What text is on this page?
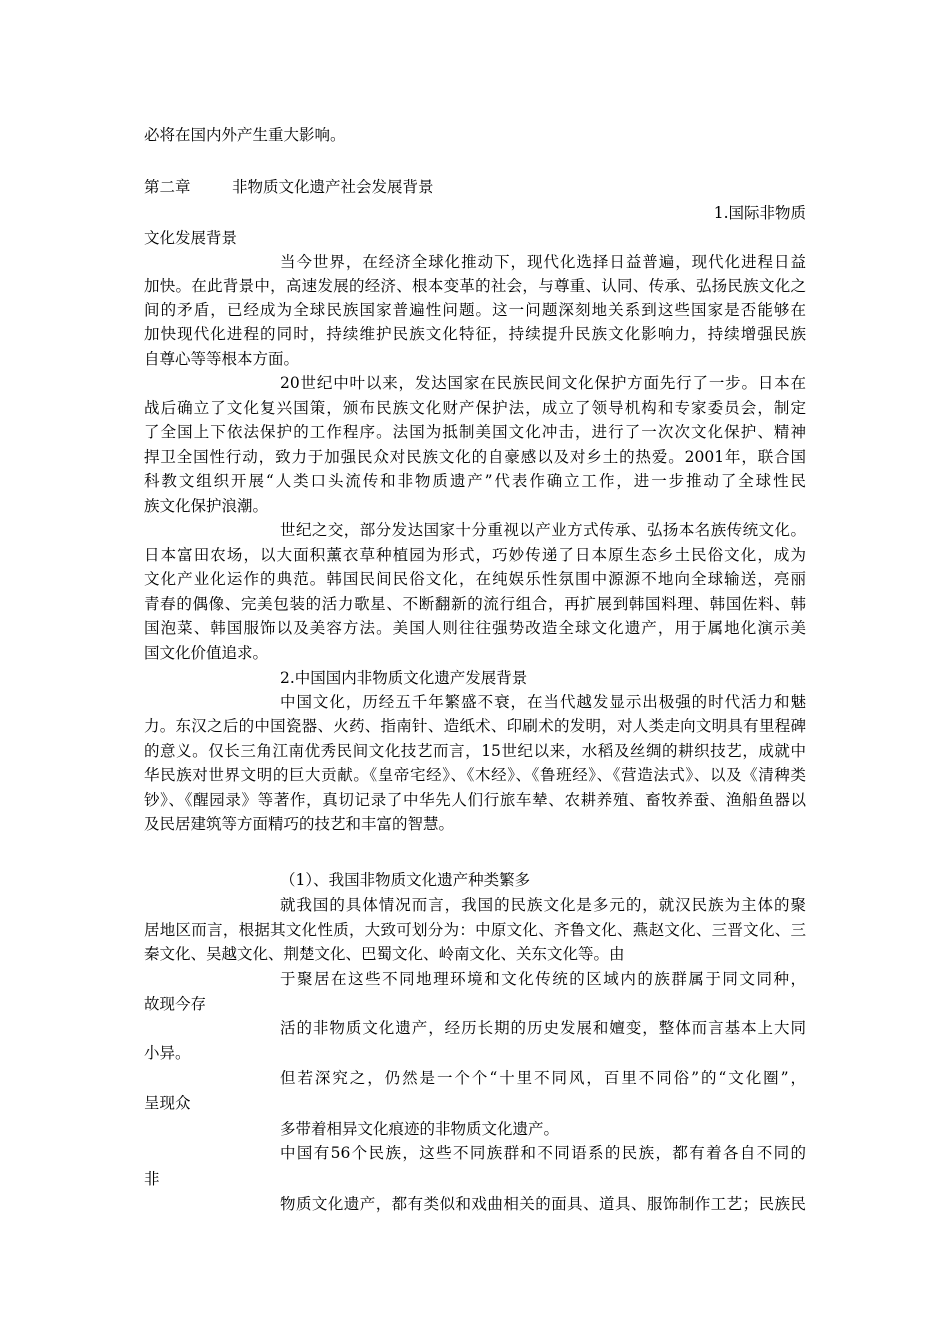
必将在国内外产生重大影响。
第二章	非物质文化遗产社会发展背景
1.国际非物质
文化发展背景
当今世界，在经济全球化推动下，现代化选择日益普遍，现代化进程日益
加快。在此背景中，高速发展的经济、根本变革的社会，与尊重、认同、传承、弘扬民族文化之
间的矛盾，已经成为全球民族国家普遍性问题。这一问题深刻地关系到这些国家是否能够在
加快现代化进程的同时，持续维护民族文化特征，持续提升民族文化影响力，持续增强民族
自尊心等等根本方面。
20世纪中叶以来，发达国家在民族民间文化保护方面先行了一步。日本在
战后确立了文化复兴国策，颁布民族文化财产保护法，成立了领导机构和专家委员会，制定
了全国上下依法保护的工作程序。法国为抵制美国文化冲击，进行了一次次文化保护、精神
捍卫全国性行动，致力于加强民众对民族文化的自豪感以及对乡土的热爱。2001年，联合国
科教文组织开展“人类口头流传和非物质遗产”代表作确立工作，进一步推动了全球性民
族文化保护浪潮。
世纪之交，部分发达国家十分重视以产业方式传承、弘扬本名族传统文化。
日本富田农场，以大面积薰衣草种植园为形式，巧妙传递了日本原生态乡土民俗文化，成为
文化产业化运作的典范。韩国民间民俗文化，在纯娱乐性氛围中源源不地向全球输送，亮丽
青春的偶像、完美包装的活力歌星、不断翻新的流行组合，再扩展到韩国料理、韩国佐料、韩
国泡菜、韩国服饰以及美容方法。美国人则往往强势改造全球文化遗产，用于属地化演示美
国文化价值追求。
2.中国国内非物质文化遗产发展背景
中国文化，历经五千年繁盛不衰，在当代越发显示出极强的时代活力和魅
力。东汉之后的中国瓷器、火药、指南针、造纸术、印刷术的发明，对人类走向文明具有里程碑
的意义。仅长三角江南优秀民间文化技艺而言，15世纪以来，水稻及丝绸的耕织技艺，成就中
华民族对世界文明的巨大贡献。《皇帝宅经》、《木经》、《鲁班经》、《营造法式》、以及《清稗类
钞》、《醒园录》等著作，真切记录了中华先人们行旅车辇、农耕养殖、畜牧养蚕、渔船鱼器以
及民居建筑等方面精巧的技艺和丰富的智慧。
（1）、我国非物质文化遗产种类繁多
就我国的具体情况而言，我国的民族文化是多元的，就汉民族为主体的聚
居地区而言，根据其文化性质，大致可划分为：中原文化、齐鲁文化、燕赵文化、三晋文化、三
秦文化、吴越文化、荆楚文化、巴蜀文化、岭南文化、关东文化等。由
于聚居在这些不同地理环境和文化传统的区域内的族群属于同文同种，
故现今存
活的非物质文化遗产，经历长期的历史发展和嬗变，整体而言基本上大同
小异。
但若深究之，仍然是一个个“十里不同风，百里不同俗”的“文化圈”，
呈现众
多带着相异文化痕迹的非物质文化遗产。
中国有56个民族，这些不同族群和不同语系的民族，都有着各自不同的
非
物质文化遗产，都有类似和戏曲相关的面具、道具、服饰制作工艺；民族民
